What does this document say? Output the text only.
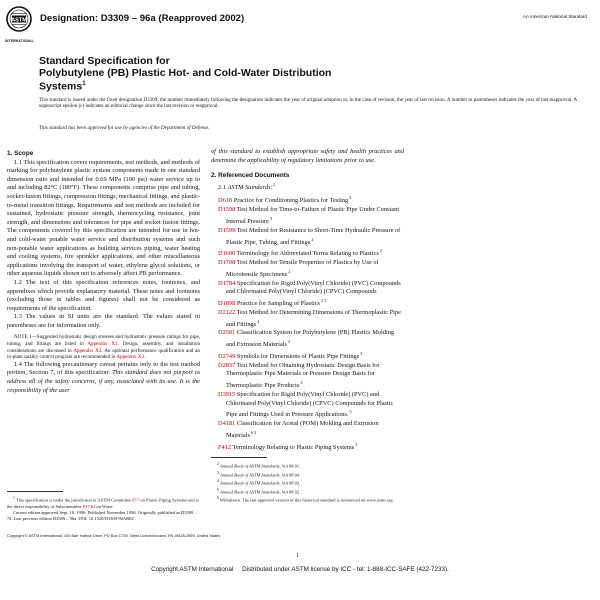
ASTM
INTERNATIONAL
Designation: D3309 – 96a (Reapproved 2002)	An American National Standard
Standard Specification for
Polybutylene (PB) Plastic Hot- and Cold-Water Distribution
Systems$^1$
This standard is issued under the fixed designation D3309; the number immediately following the designation indicates the year of original adoption or, in the case of revision, the year of last revision. A number in parentheses indicates the year of last reapproval. A superscript epsilon (ε) indicates an editorial change since the last revision or reapproval.
This standard has been approved for use by agencies of the Department of Defense.

1. Scope

1.1 This specification covers requirements, test methods, and methods of marking for polybutylene plastic system components made in one standard dimension ratio and intended for 0.69 MPa (100 psi) water service up to and including 82°C (180°F). These components comprise pipe and tubing, socket-fusion fittings, compression fittings, mechanical fittings, and plastic-to-metal transition fittings. Requirements and test methods are included for sustained, hydrostatic pressure strength, thermocycling resistance, joint strength, and dimensions and tolerances for pipe and socket fusion fittings. The components covered by this specification are intended for use in hot- and cold-water potable water service and distribution systems and such non-potable water applications as building services piping, water heating and cooling systems, fire sprinkler applications, and other miscellaneous applications involving the transport of water, ethylene glycol solutions, or other aqueous liquids shown not to adversely affect PB performance.

1.2 The text of this specification references notes, footnotes, and appendixes which provide explanatory material. These notes and footnotes (excluding those in tables and figures) shall not be considered as requirements of the specification.

1.3 The values in SI units are the standard. The values stated in parentheses are for information only.

NOTE 1—Suggested hydrostatic design stresses and hydrostatic pressure ratings for pipe, tubing, and fittings are listed in Appendix X1. Design, assembly, and installation considerations are discussed in Appendix X2. An optional performance qualification and an in-plant quality control program are recommended in Appendix X3.

1.4 The following precautionary caveat pertains only to the test method portion, Section 7, of this specification: This standard does not purport to address all of the safety concerns, if any, associated with its use. It is the responsibility of the user

of this standard to establish appropriate safety and health practices and determine the applicability of regulatory limitations prior to use.

2. Referenced Documents

2.1 ASTM Standards:$^2$

D618 Practice for Conditioning Plastics for Testing $^3$

D1598 Test Method for Time-to-Failure of Plastic Pipe Under Constant Internal Pressure $^3$

D1599 Test Method for Resistance to Short-Time Hydraulic Pressure of Plastic Pipe, Tubing, and Fittings $^2$

D1600 Terminology for Abbreviated Terms Relating to Plastics $^2$

D1708 Test Method for Tensile Properties of Plastics by Use of Microtensile Specimens $^2$

D1784 Specification for Rigid Poly(Vinyl Chloride) (PVC) Compounds and Chlorinated Poly(Vinyl Chloride) (CPVC) Compounds

D1898 Practice for Sampling of Plastics $^{2 5}$

D2122 Test Method for Determining Dimensions of Thermoplastic Pipe and Fittings $^4$

D2581 Classification System for Polybutylene (PB) Plastics Molding and Extrusion Materials $^2$

D2749 Symbols for Dimensions of Plastic Pipe Fittings $^3$

D2837 Test Method for Obtaining Hydrostatic Design Basis for Thermoplastic Pipe Materials or Pressure Design Basis for Thermoplastic Pipe Products $^3$

D3915 Specification for Rigid Poly(Vinyl Chloride) (PVC) and Chlorinated Poly(Vinyl Chloride) (CPVC) Compounds for Plastic Pipe and Fittings Used in Pressure Applications. $^5$

D4181 Classification for Acetal (POM) Molding and Extrusion Materials $^{6 3}$

F412 Terminology Relating to Plastic Piping Systems $^3$

$^1$ This specification is under the jurisdiction of ASTM Committee F17 on Plastic Piping Systems and is the direct responsibility of Subcommittee F17.61 on Water.

Current edition approved Sept. 10, 1996. Published November 1996. Originally published as D3309 – 74. Last previous edition D3309 – 96a. DOI: 10.1520/D3309-96AR02.

$^2$ Annual Book of ASTM Standards, Vol 08.01.

$^3$ Annual Book of ASTM Standards, Vol 08.04.

$^4$ Annual Book of ASTM Standards, Vol 08.03.

$^5$ Annual Book of ASTM Standards, Vol 08.02.

$^6$ Withdrawn. The last approved version of this historical standard is referenced on www.astm.org.

Copyright © ASTM International, 100 Barr Harbor Drive, PO Box C700, West Conshohocken, PA 19428-2959. United States
1
Copyright ASTM International     Distributed under ASTM license by ICC - tel: 1-888-ICC-SAFE (422-7233).
